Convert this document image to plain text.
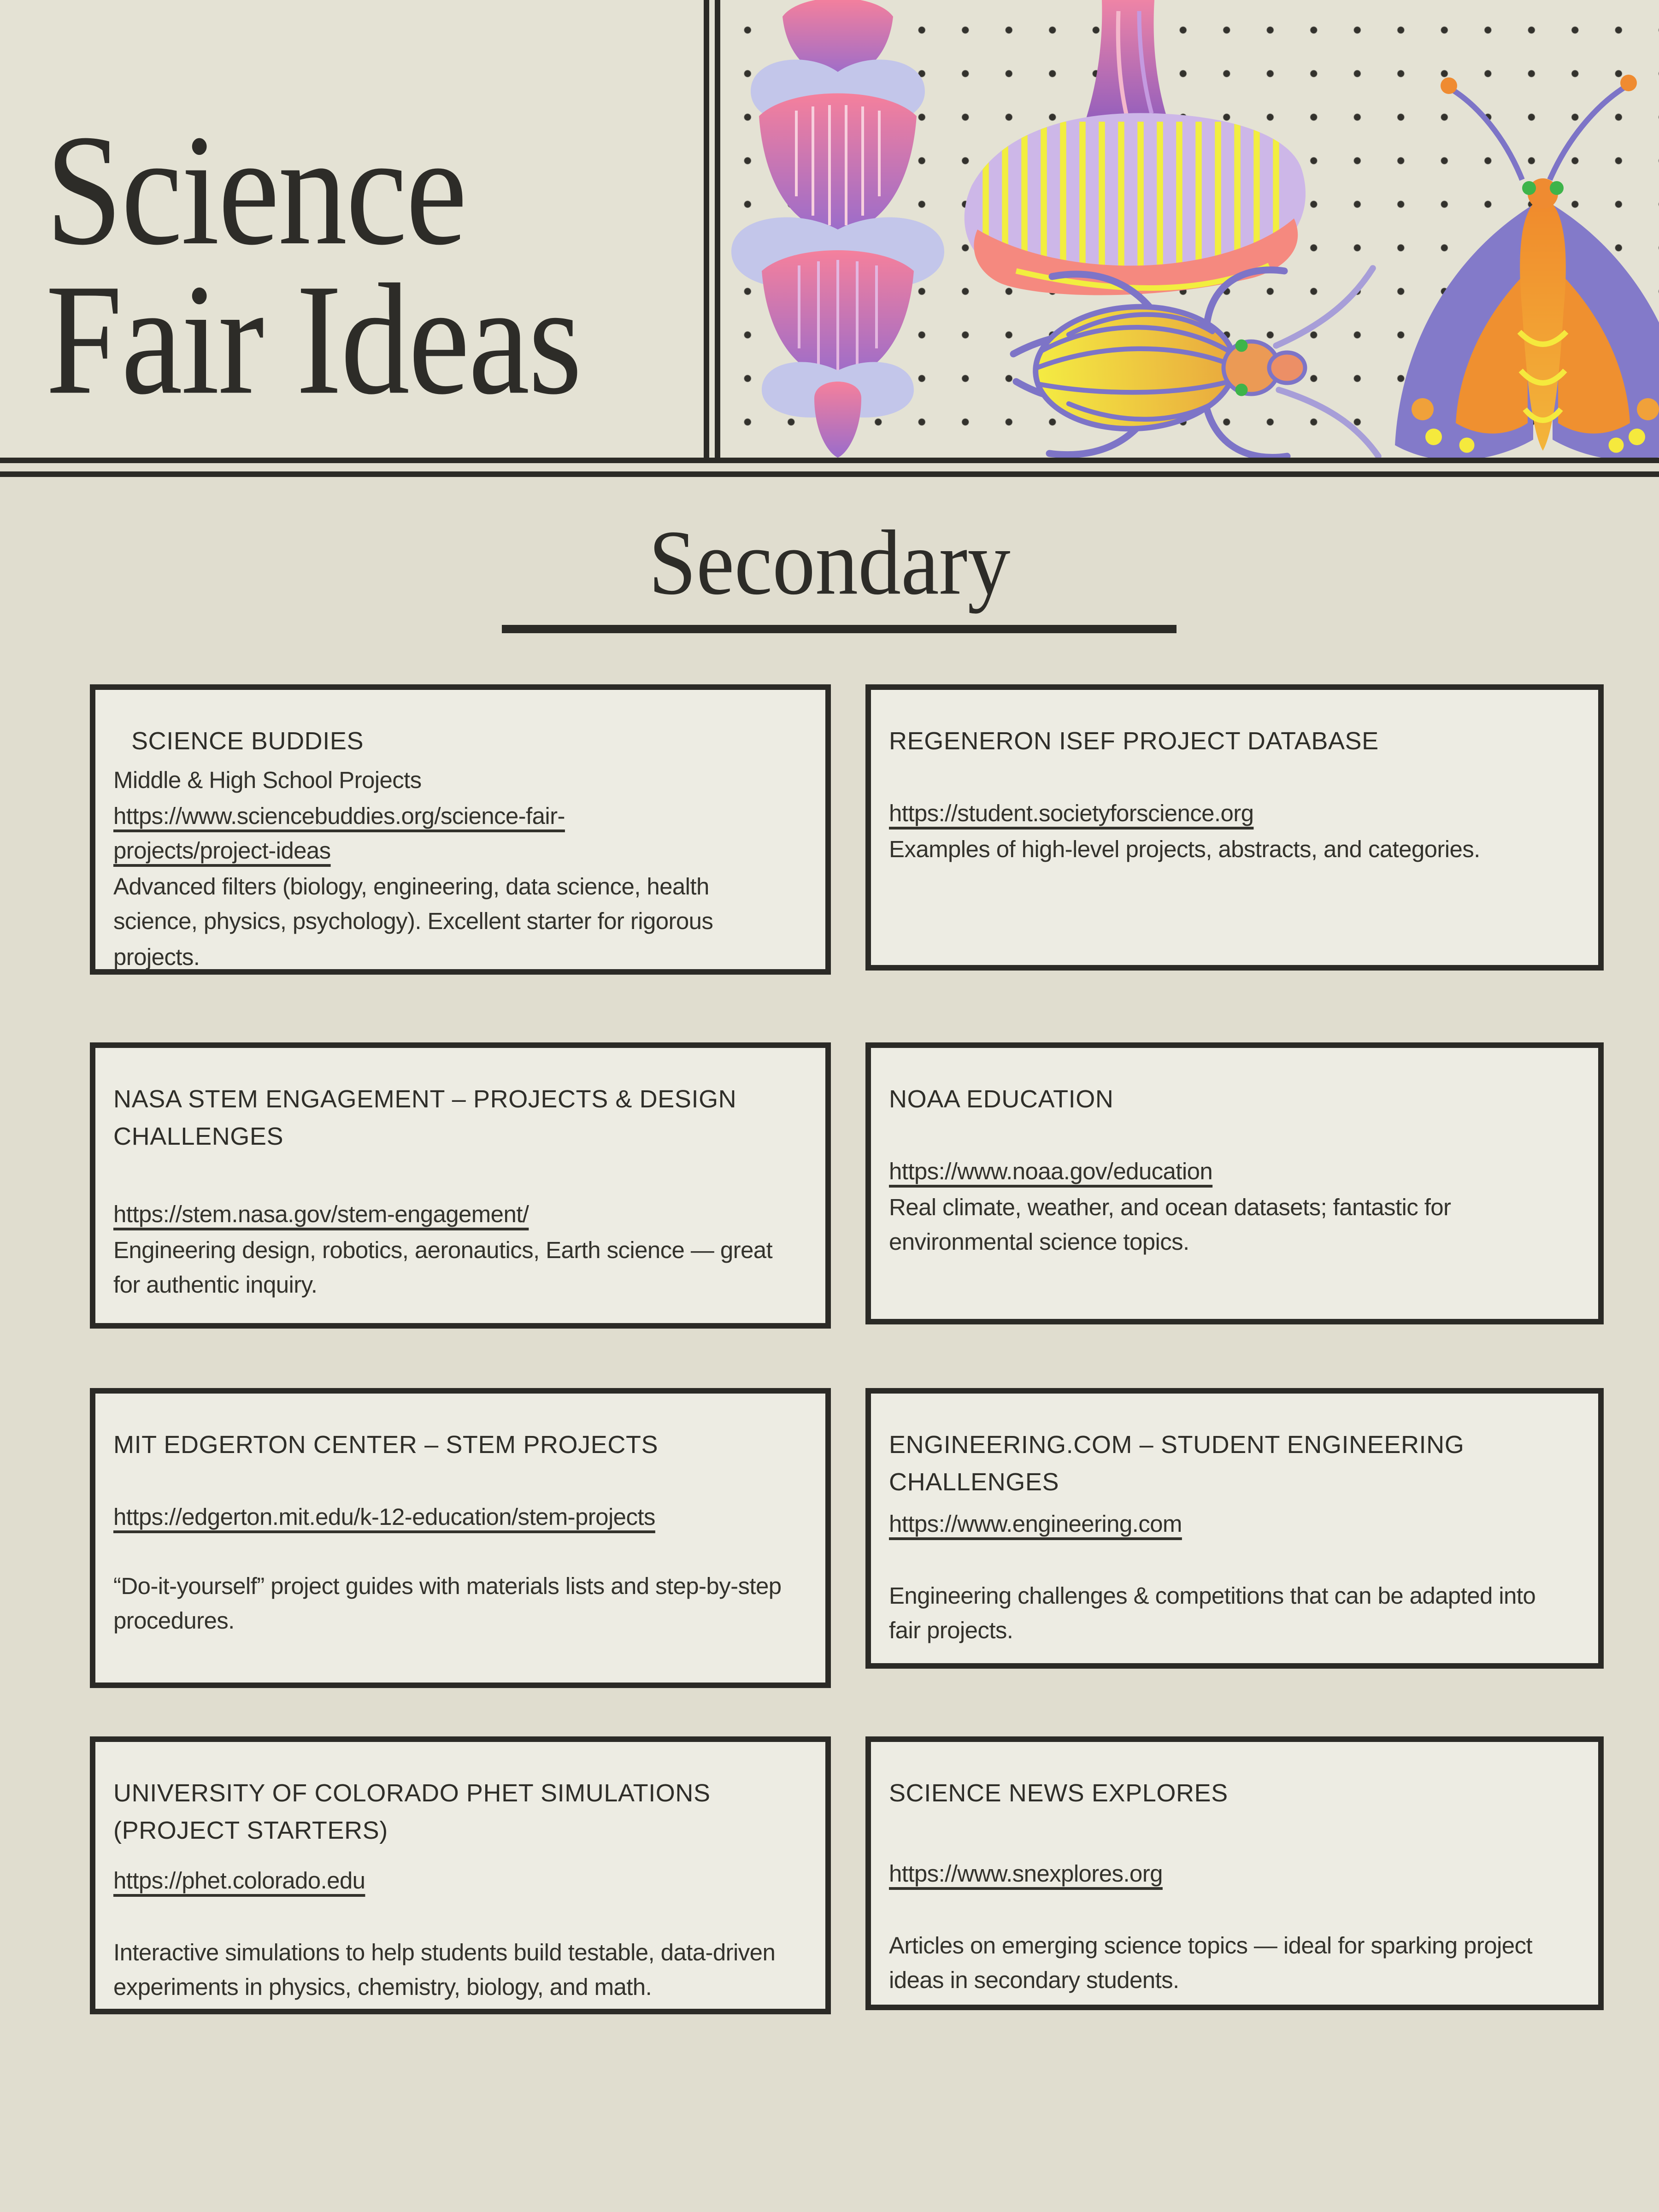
Science
Fair Ideas
Secondary
SCIENCE BUDDIES

Middle & High School Projects

https://www.sciencebuddies.org/science-fair-projects/project-ideas

Advanced filters (biology, engineering, data science, health science, physics, psychology). Excellent starter for rigorous projects.

REGENERON ISEF PROJECT DATABASE

https://student.societyforscience.org

Examples of high-level projects, abstracts, and categories.

NASA STEM ENGAGEMENT – PROJECTS & DESIGN CHALLENGES

https://stem.nasa.gov/stem-engagement/

Engineering design, robotics, aeronautics, Earth science — great for authentic inquiry.

NOAA EDUCATION

https://www.noaa.gov/education

Real climate, weather, and ocean datasets; fantastic for environmental science topics.

MIT EDGERTON CENTER – STEM PROJECTS

https://edgerton.mit.edu/k-12-education/stem-projects

“Do-it-yourself” project guides with materials lists and step-by-step procedures.

ENGINEERING.COM – STUDENT ENGINEERING CHALLENGES

https://www.engineering.com

Engineering challenges & competitions that can be adapted into fair projects.

UNIVERSITY OF COLORADO PHET SIMULATIONS (PROJECT STARTERS)

https://phet.colorado.edu

Interactive simulations to help students build testable, data-driven experiments in physics, chemistry, biology, and math.

SCIENCE NEWS EXPLORES

https://www.snexplores.org

Articles on emerging science topics — ideal for sparking project ideas in secondary students.
